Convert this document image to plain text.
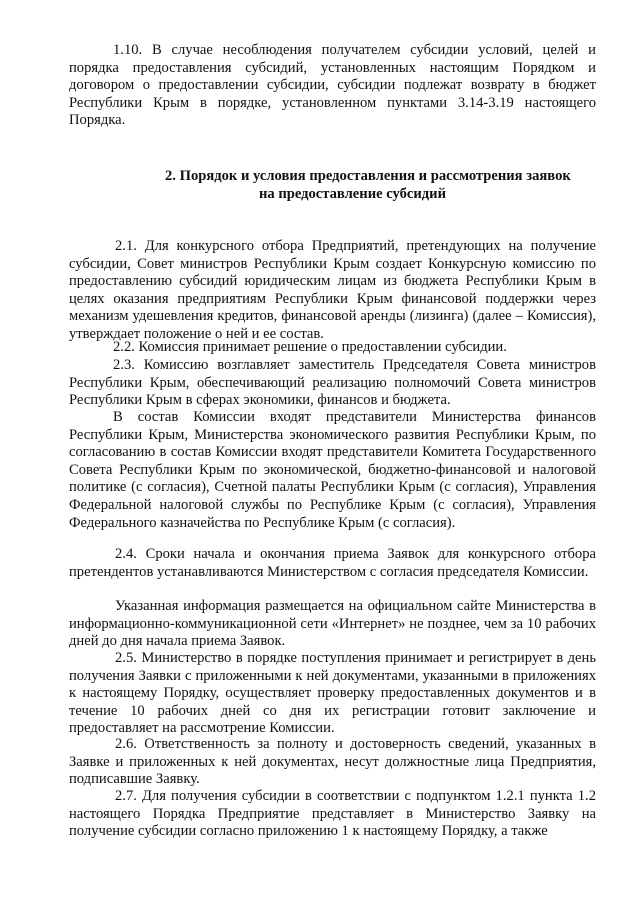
1.10. В случае несоблюдения получателем субсидии условий, целей и порядка предоставления субсидий, установленных настоящим Порядком и договором о предоставлении субсидии, субсидии подлежат возврату в бюджет Республики Крым в порядке, установленном пунктами 3.14-3.19 настоящего Порядка.

2. Порядок и условия предоставления и рассмотрения заявок
на предоставление субсидий

2.1. Для конкурсного отбора Предприятий, претендующих на получение субсидии, Совет министров Республики Крым создает Конкурсную комиссию по предоставлению субсидий юридическим лицам из бюджета Республики Крым в целях оказания предприятиям Республики Крым финансовой поддержки через механизм удешевления кредитов, финансовой аренды (лизинга) (далее – Комиссия), утверждает положение о ней и ее состав.

2.2. Комиссия принимает решение о предоставлении субсидии.

2.3. Комиссию возглавляет заместитель Председателя Совета министров Республики Крым, обеспечивающий реализацию полномочий Совета министров Республики Крым в сферах экономики, финансов и бюджета.

В состав Комиссии входят представители Министерства финансов Республики Крым, Министерства экономического развития Республики Крым, по согласованию в состав Комиссии входят представители Комитета Государственного Совета Республики Крым по экономической, бюджетно-финансовой и налоговой политике (с согласия), Счетной палаты Республики Крым (с согласия), Управления Федеральной налоговой службы по Республике Крым (с согласия), Управления Федерального казначейства по Республике Крым (с согласия).

2.4. Сроки начала и окончания приема Заявок для конкурсного отбора претендентов устанавливаются Министерством с согласия председателя Комиссии.

Указанная информация размещается на официальном сайте Министерства в информационно-коммуникационной сети «Интернет» не позднее, чем за 10 рабочих дней до дня начала приема Заявок.

2.5. Министерство в порядке поступления принимает и регистрирует в день получения Заявки с приложенными к ней документами, указанными в приложениях к настоящему Порядку, осуществляет проверку предоставленных документов и в течение 10 рабочих дней со дня их регистрации готовит заключение и предоставляет на рассмотрение Комиссии.

2.6. Ответственность за полноту и достоверность сведений, указанных в Заявке и приложенных к ней документах, несут должностные лица Предприятия, подписавшие Заявку.

2.7. Для получения субсидии в соответствии с подпунктом 1.2.1 пункта 1.2 настоящего Порядка Предприятие представляет в Министерство Заявку на получение субсидии согласно приложению 1 к настоящему Порядку, а также
